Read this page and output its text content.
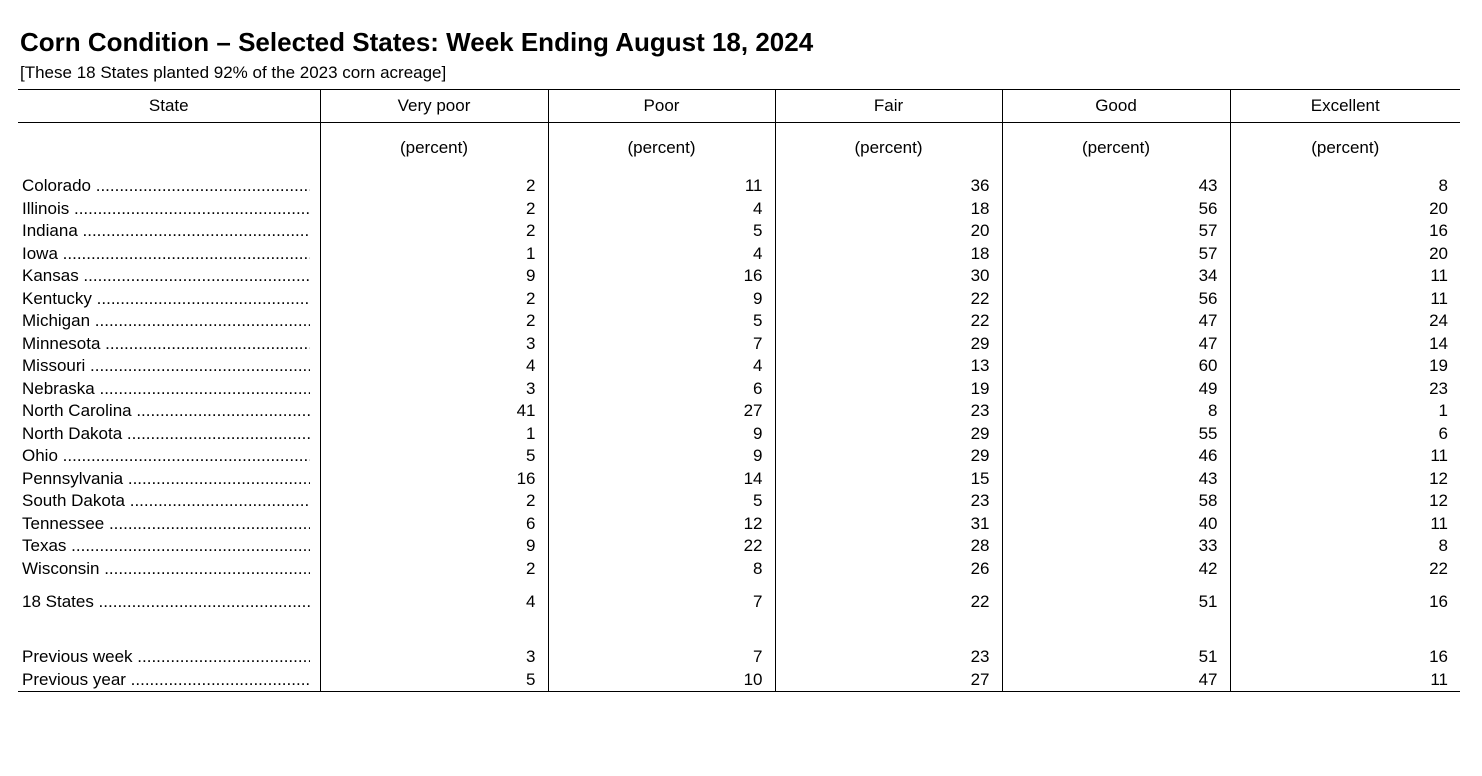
Corn Condition – Selected States: Week Ending August 18, 2024
[These 18 States planted 92% of the 2023 corn acreage]
State	Very poor	Poor	Fair	Good	Excellent
	(percent)	(percent)	(percent)	(percent)	(percent)

Colorado .....	2	11	36	43	8

Illinois .....	2	4	18	56	20

Indiana .....	2	5	20	57	16

Iowa .....	1	4	18	57	20

Kansas .....	9	16	30	34	11

Kentucky .....	2	9	22	56	11

Michigan .....	2	5	22	47	24

Minnesota .....	3	7	29	47	14

Missouri .....	4	4	13	60	19

Nebraska .....	3	6	19	49	23

North Carolina .....	41	27	23	8	1

North Dakota .....	1	9	29	55	6

Ohio .....	5	9	29	46	11

Pennsylvania .....	16	14	15	43	12

South Dakota .....	2	5	23	58	12

Tennessee .....	6	12	31	40	11

Texas .....	9	22	28	33	8

Wisconsin .....	2	8	26	42	22

18 States .....	4	7	22	51	16

Previous week .....	3	7	23	51	16

Previous year .....	5	10	27	47	11
